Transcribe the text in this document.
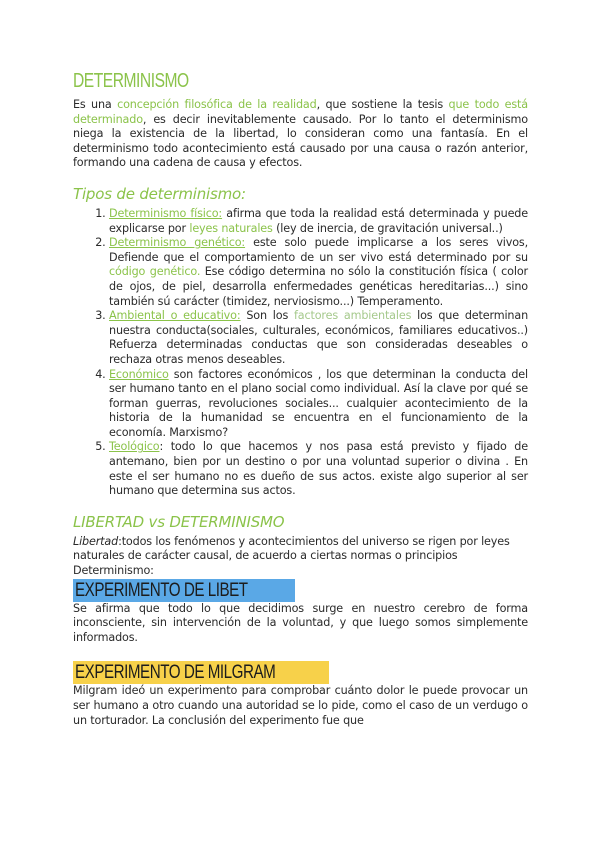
DETERMINISMO

Es una concepción filosófica de la realidad, que sostiene la tesis que todo está determinado, es decir inevitablemente causado. Por lo tanto el determinismo niega la existencia de la libertad, lo consideran como una fantasía. En el determinismo todo acontecimiento está causado por una causa o razón anterior, formando una cadena de causa y efectos.

Tipos de determinismo:
1. Determinismo físico: afirma que toda la realidad está determinada y puede explicarse por leyes naturales (ley de inercia, de gravitación universal..)
2. Determinismo genético: este solo puede implicarse a los seres vivos, Defiende que el comportamiento de un ser vivo está determinado por su código genético. Ese código determina no sólo la constitución física ( color de ojos, de piel, desarrolla enfermedades genéticas hereditarias...) sino también sú carácter (timidez, nerviosismo...) Temperamento.
3. Ambiental o educativo: Son los factores ambientales los que determinan nuestra conducta(sociales, culturales, económicos, familiares educativos..) Refuerza determinadas conductas que son consideradas deseables o rechaza otras menos deseables.
4. Económico son factores económicos , los que determinan la conducta del ser humano tanto en el plano social como individual. Así la clave por qué se forman guerras, revoluciones sociales... cualquier acontecimiento de la historia de la humanidad se encuentra en el funcionamiento de la economía. Marxismo?
5. Teológico: todo lo que hacemos y nos pasa está previsto y fijado de antemano, bien por un destino o por una voluntad superior o divina . En este el ser humano no es dueño de sus actos. existe algo superior al ser humano que determina sus actos.
LIBERTAD vs DETERMINISMO

Libertad:todos los fenómenos y acontecimientos del universo se rigen por leyes naturales de carácter causal, de acuerdo a ciertas normas o principios
Determinismo:

EXPERIMENTO DE LIBET

Se afirma que todo lo que decidimos surge en nuestro cerebro de forma inconsciente, sin intervención de la voluntad, y que luego somos simplemente informados.

EXPERIMENTO DE MILGRAM

Milgram ideó un experimento para comprobar cuánto dolor le puede provocar un ser humano a otro cuando una autoridad se lo pide, como el caso de un verdugo o un torturador. La conclusión del experimento fue que
